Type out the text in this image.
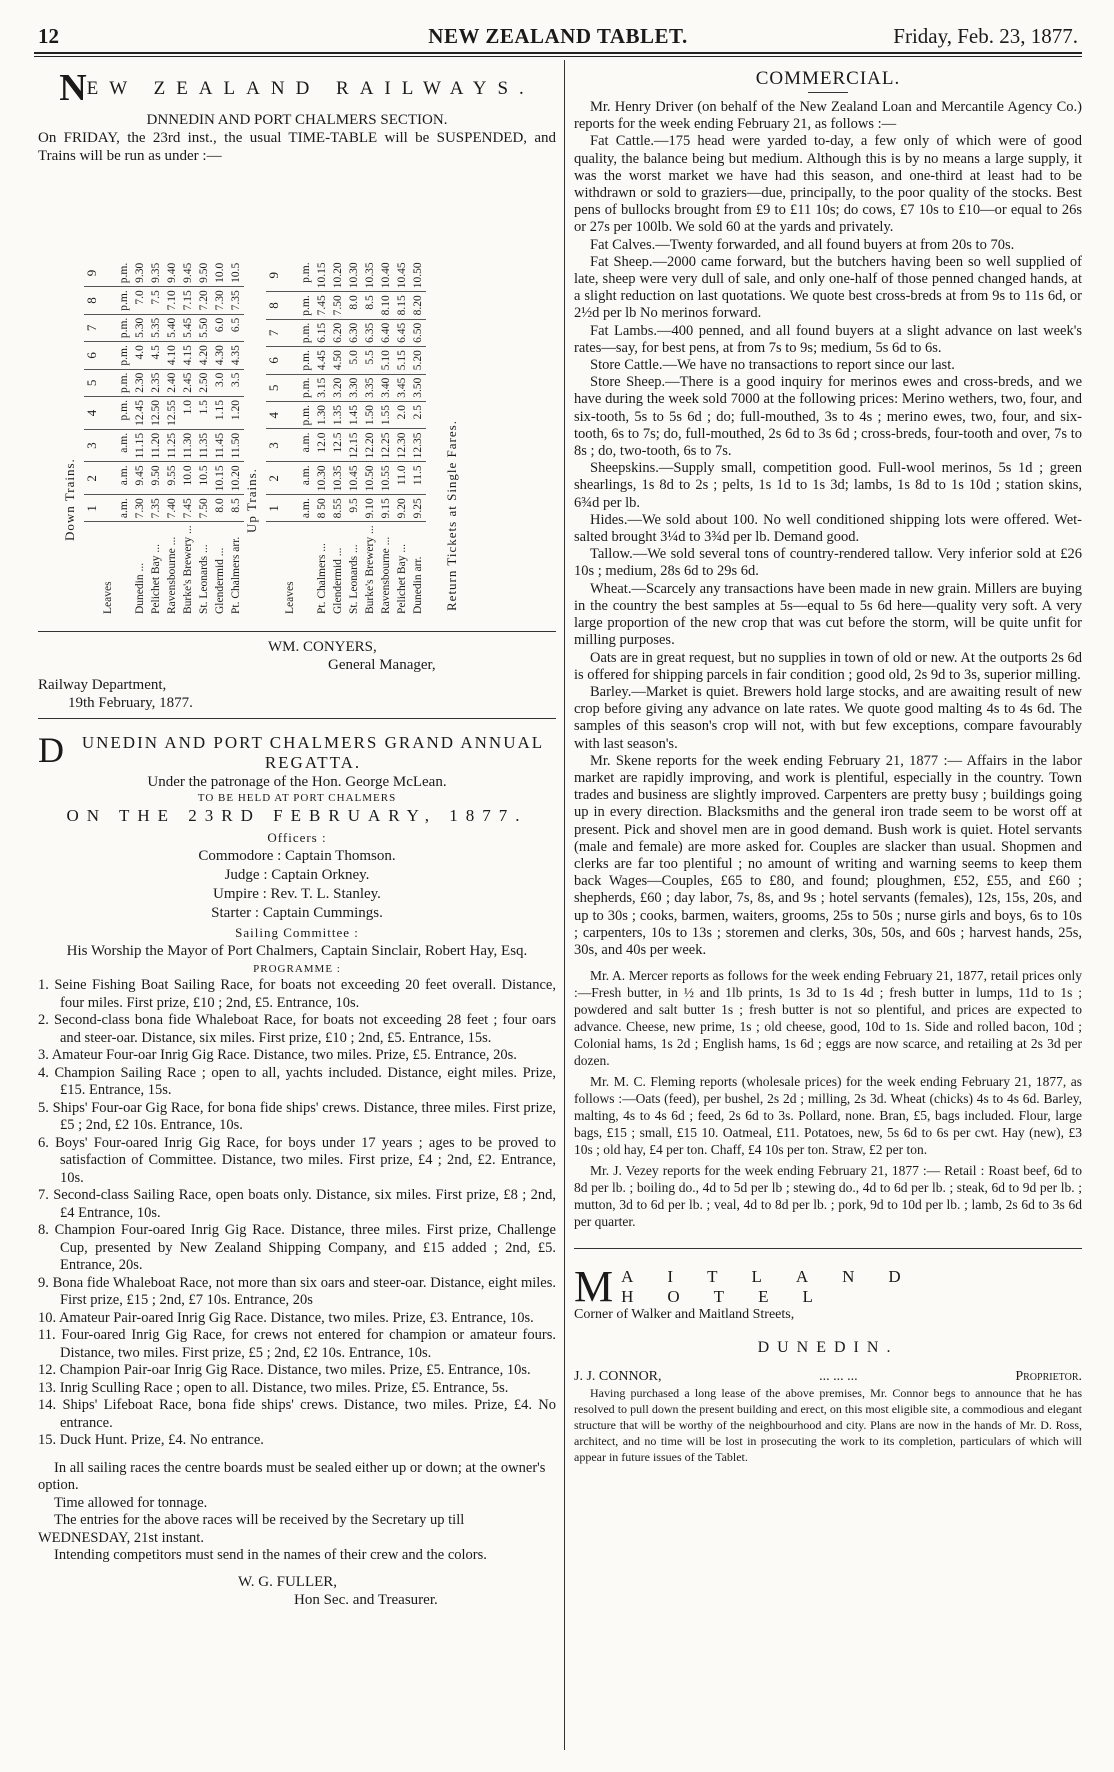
12	NEW ZEALAND TABLET.	Friday, Feb. 23, 1877.
NEW ZEALAND RAILWAYS.
DNNEDIN AND PORT CHALMERS SECTION.

On FRIDAY, the 23rd inst., the usual TIME-TABLE will be SUSPENDED, and Trains will be run as under :—

Down Trains.
	1	2	3	4	5	6	7	8	9
Leaves									
	a.m.	a.m.	a.m.	p.m.	p.m.	p.m.	p.m.	p.m.	p.m.
Dunedin ...	7.30	9.45	11.15	12.45	2.30	4.0	5.30	7.0	9.30
Pelichet Bay ...	7.35	9.50	11.20	12.50	2.35	4.5	5.35	7.5	9.35
Ravensbourne ...	7.40	9.55	11.25	12.55	2.40	4.10	5.40	7.10	9.40
Burke's Brewery ...	7.45	10.0	11.30	1.0	2.45	4.15	5.45	7.15	9.45
St. Leonards ...	7.50	10.5	11.35	1.5	2.50	4.20	5.50	7.20	9.50
Glendermid ...	8.0	10.15	11.45	1.15	3.0	4.30	6.0	7.30	10.0
Pt. Chalmers arr.	8.5	10.20	11.50	1.20	3.5	4.35	6.5	7.35	10.5
Up Trains.
	1	2	3	4	5	6	7	8	9
Leaves									
	a.m.	a.m.	a.m.	p.m.	p.m.	p.m.	p.m.	p.m.	p.m.
Pt. Chalmers ...	8 50	10.30	12.0	1.30	3.15	4.45	6.15	7.45	10.15
Glendermid ...	8.55	10.35	12.5	1.35	3.20	4.50	6.20	7.50	10.20
St. Leonards ...	9.5	10.45	12.15	1.45	3.30	5.0	6.30	8.0	10.30
Burke's Brewery ...	9.10	10.50	12.20	1.50	3.35	5.5	6.35	8.5	10.35
Ravensbourne ...	9.15	10.55	12.25	1.55	3.40	5.10	6.40	8.10	10.40
Pelichet Bay ...	9.20	11.0	12.30	2.0	3.45	5.15	6.45	8.15	10.45
Dunedin arr.	9.25	11.5	12.35	2.5	3.50	5.20	6.50	8.20	10.50
Return Tickets at Single Fares.
WM. CONYERS,
General Manager,
Railway Department,
19th February, 1877.
DUNEDIN AND PORT CHALMERS GRAND ANNUAL REGATTA.
Under the patronage of the Hon. George McLean.
TO BE HELD AT PORT CHALMERS
ON THE 23RD FEBRUARY, 1877.
Officers :
Commodore : Captain Thomson.
Judge : Captain Orkney.
Umpire : Rev. T. L. Stanley.
Starter : Captain Cummings.
Sailing Committee :
His Worship the Mayor of Port Chalmers, Captain Sinclair, Robert Hay, Esq.
PROGRAMME :
1. Seine Fishing Boat Sailing Race, for boats not exceeding 20 feet overall. Distance, four miles. First prize, £10 ; 2nd, £5. Entrance, 10s.
2. Second-class bona fide Whaleboat Race, for boats not exceeding 28 feet ; four oars and steer-oar. Distance, six miles. First prize, £10 ; 2nd, £5. Entrance, 15s.
3. Amateur Four-oar Inrig Gig Race. Distance, two miles. Prize, £5. Entrance, 20s.
4. Champion Sailing Race ; open to all, yachts included. Distance, eight miles. Prize, £15. Entrance, 15s.
5. Ships' Four-oar Gig Race, for bona fide ships' crews. Distance, three miles. First prize, £5 ; 2nd, £2 10s. Entrance, 10s.
6. Boys' Four-oared Inrig Gig Race, for boys under 17 years ; ages to be proved to satisfaction of Committee. Distance, two miles. First prize, £4 ; 2nd, £2. Entrance, 10s.
7. Second-class Sailing Race, open boats only. Distance, six miles. First prize, £8 ; 2nd, £4 Entrance, 10s.
8. Champion Four-oared Inrig Gig Race. Distance, three miles. First prize, Challenge Cup, presented by New Zealand Shipping Company, and £15 added ; 2nd, £5. Entrance, 20s.
9. Bona fide Whaleboat Race, not more than six oars and steer-oar. Distance, eight miles. First prize, £15 ; 2nd, £7 10s. Entrance, 20s
10. Amateur Pair-oared Inrig Gig Race. Distance, two miles. Prize, £3. Entrance, 10s.
11. Four-oared Inrig Gig Race, for crews not entered for champion or amateur fours. Distance, two miles. First prize, £5 ; 2nd, £2 10s. Entrance, 10s.
12. Champion Pair-oar Inrig Gig Race. Distance, two miles. Prize, £5. Entrance, 10s.
13. Inrig Sculling Race ; open to all. Distance, two miles. Prize, £5. Entrance, 5s.
14. Ships' Lifeboat Race, bona fide ships' crews. Distance, two miles. Prize, £4. No entrance.
15. Duck Hunt. Prize, £4. No entrance.

In all sailing races the centre boards must be sealed either up or down; at the owner's option.

Time allowed for tonnage.

The entries for the above races will be received by the Secretary up till WEDNESDAY, 21st instant.

Intending competitors must send in the names of their crew and the colors.

W. G. FULLER,
Hon Sec. and Treasurer.
COMMERCIAL.

Mr. Henry Driver (on behalf of the New Zealand Loan and Mercantile Agency Co.) reports for the week ending February 21, as follows :—

Fat Cattle.—175 head were yarded to-day, a few only of which were of good quality, the balance being but medium. Although this is by no means a large supply, it was the worst market we have had this season, and one-third at least had to be withdrawn or sold to graziers—due, principally, to the poor quality of the stocks. Best pens of bullocks brought from £9 to £11 10s; do cows, £7 10s to £10—or equal to 26s or 27s per 100lb. We sold 60 at the yards and privately.

Fat Calves.—Twenty forwarded, and all found buyers at from 20s to 70s.

Fat Sheep.—2000 came forward, but the butchers having been so well supplied of late, sheep were very dull of sale, and only one-half of those penned changed hands, at a slight reduction on last quotations. We quote best cross-breds at from 9s to 11s 6d, or 2½d per lb No merinos forward.

Fat Lambs.—400 penned, and all found buyers at a slight advance on last week's rates—say, for best pens, at from 7s to 9s; medium, 5s 6d to 6s.

Store Cattle.—We have no transactions to report since our last.

Store Sheep.—There is a good inquiry for merinos ewes and cross-breds, and we have during the week sold 7000 at the following prices: Merino wethers, two, four, and six-tooth, 5s to 5s 6d ; do; full-mouthed, 3s to 4s ; merino ewes, two, four, and six-tooth, 6s to 7s; do, full-mouthed, 2s 6d to 3s 6d ; cross-breds, four-tooth and over, 7s to 8s ; do, two-tooth, 6s to 7s.

Sheepskins.—Supply small, competition good. Full-wool merinos, 5s 1d ; green shearlings, 1s 8d to 2s ; pelts, 1s 1d to 1s 3d; lambs, 1s 8d to 1s 10d ; station skins, 6¾d per lb.

Hides.—We sold about 100. No well conditioned shipping lots were offered. Wet-salted brought 3¼d to 3¾d per lb. Demand good.

Tallow.—We sold several tons of country-rendered tallow. Very inferior sold at £26 10s ; medium, 28s 6d to 29s 6d.

Wheat.—Scarcely any transactions have been made in new grain. Millers are buying in the country the best samples at 5s—equal to 5s 6d here—quality very soft. A very large proportion of the new crop that was cut before the storm, will be quite unfit for milling purposes.

Oats are in great request, but no supplies in town of old or new. At the outports 2s 6d is offered for shipping parcels in fair condition ; good old, 2s 9d to 3s, superior milling.

Barley.—Market is quiet. Brewers hold large stocks, and are awaiting result of new crop before giving any advance on late rates. We quote good malting 4s to 4s 6d. The samples of this season's crop will not, with but few exceptions, compare favourably with last season's.

Mr. Skene reports for the week ending February 21, 1877 :— Affairs in the labor market are rapidly improving, and work is plentiful, especially in the country. Town trades and business are slightly improved. Carpenters are pretty busy ; buildings going up in every direction. Blacksmiths and the general iron trade seem to be worst off at present. Pick and shovel men are in good demand. Bush work is quiet. Hotel servants (male and female) are more asked for. Couples are slacker than usual. Shopmen and clerks are far too plentiful ; no amount of writing and warning seems to keep them back Wages—Couples, £65 to £80, and found; ploughmen, £52, £55, and £60 ; shepherds, £60 ; day labor, 7s, 8s, and 9s ; hotel servants (females), 12s, 15s, 20s, and up to 30s ; cooks, barmen, waiters, grooms, 25s to 50s ; nurse girls and boys, 6s to 10s ; carpenters, 10s to 13s ; storemen and clerks, 30s, 50s, and 60s ; harvest hands, 25s, 30s, and 40s per week.

Mr. A. Mercer reports as follows for the week ending February 21, 1877, retail prices only :—Fresh butter, in ½ and 1lb prints, 1s 3d to 1s 4d ; fresh butter in lumps, 11d to 1s ; powdered and salt butter 1s ; fresh butter is not so plentiful, and prices are expected to advance. Cheese, new prime, 1s ; old cheese, good, 10d to 1s. Side and rolled bacon, 10d ; Colonial hams, 1s 2d ; English hams, 1s 6d ; eggs are now scarce, and retailing at 2s 3d per dozen.

Mr. M. C. Fleming reports (wholesale prices) for the week ending February 21, 1877, as follows :—Oats (feed), per bushel, 2s 2d ; milling, 2s 3d. Wheat (chicks) 4s to 4s 6d. Barley, malting, 4s to 4s 6d ; feed, 2s 6d to 3s. Pollard, none. Bran, £5, bags included. Flour, large bags, £15 ; small, £15 10. Oatmeal, £11. Potatoes, new, 5s 6d to 6s per cwt. Hay (new), £3 10s ; old hay, £4 per ton. Chaff, £4 10s per ton. Straw, £2 per ton.

Mr. J. Vezey reports for the week ending February 21, 1877 :— Retail : Roast beef, 6d to 8d per lb. ; boiling do., 4d to 5d per lb ; stewing do., 4d to 6d per lb. ; steak, 6d to 9d per lb. ; mutton, 3d to 6d per lb. ; veal, 4d to 8d per lb. ; pork, 9d to 10d per lb. ; lamb, 2s 6d to 3s 6d per quarter.

MAITLAND HOTEL
Corner of Walker and Maitland Streets,
DUNEDIN.
J. J. CONNOR,	... ... ...	Proprietor.

Having purchased a long lease of the above premises, Mr. Connor begs to announce that he has resolved to pull down the present building and erect, on this most eligible site, a commodious and elegant structure that will be worthy of the neighbourhood and city. Plans are now in the hands of Mr. D. Ross, architect, and no time will be lost in prosecuting the work to its completion, particulars of which will appear in future issues of the Tablet.
